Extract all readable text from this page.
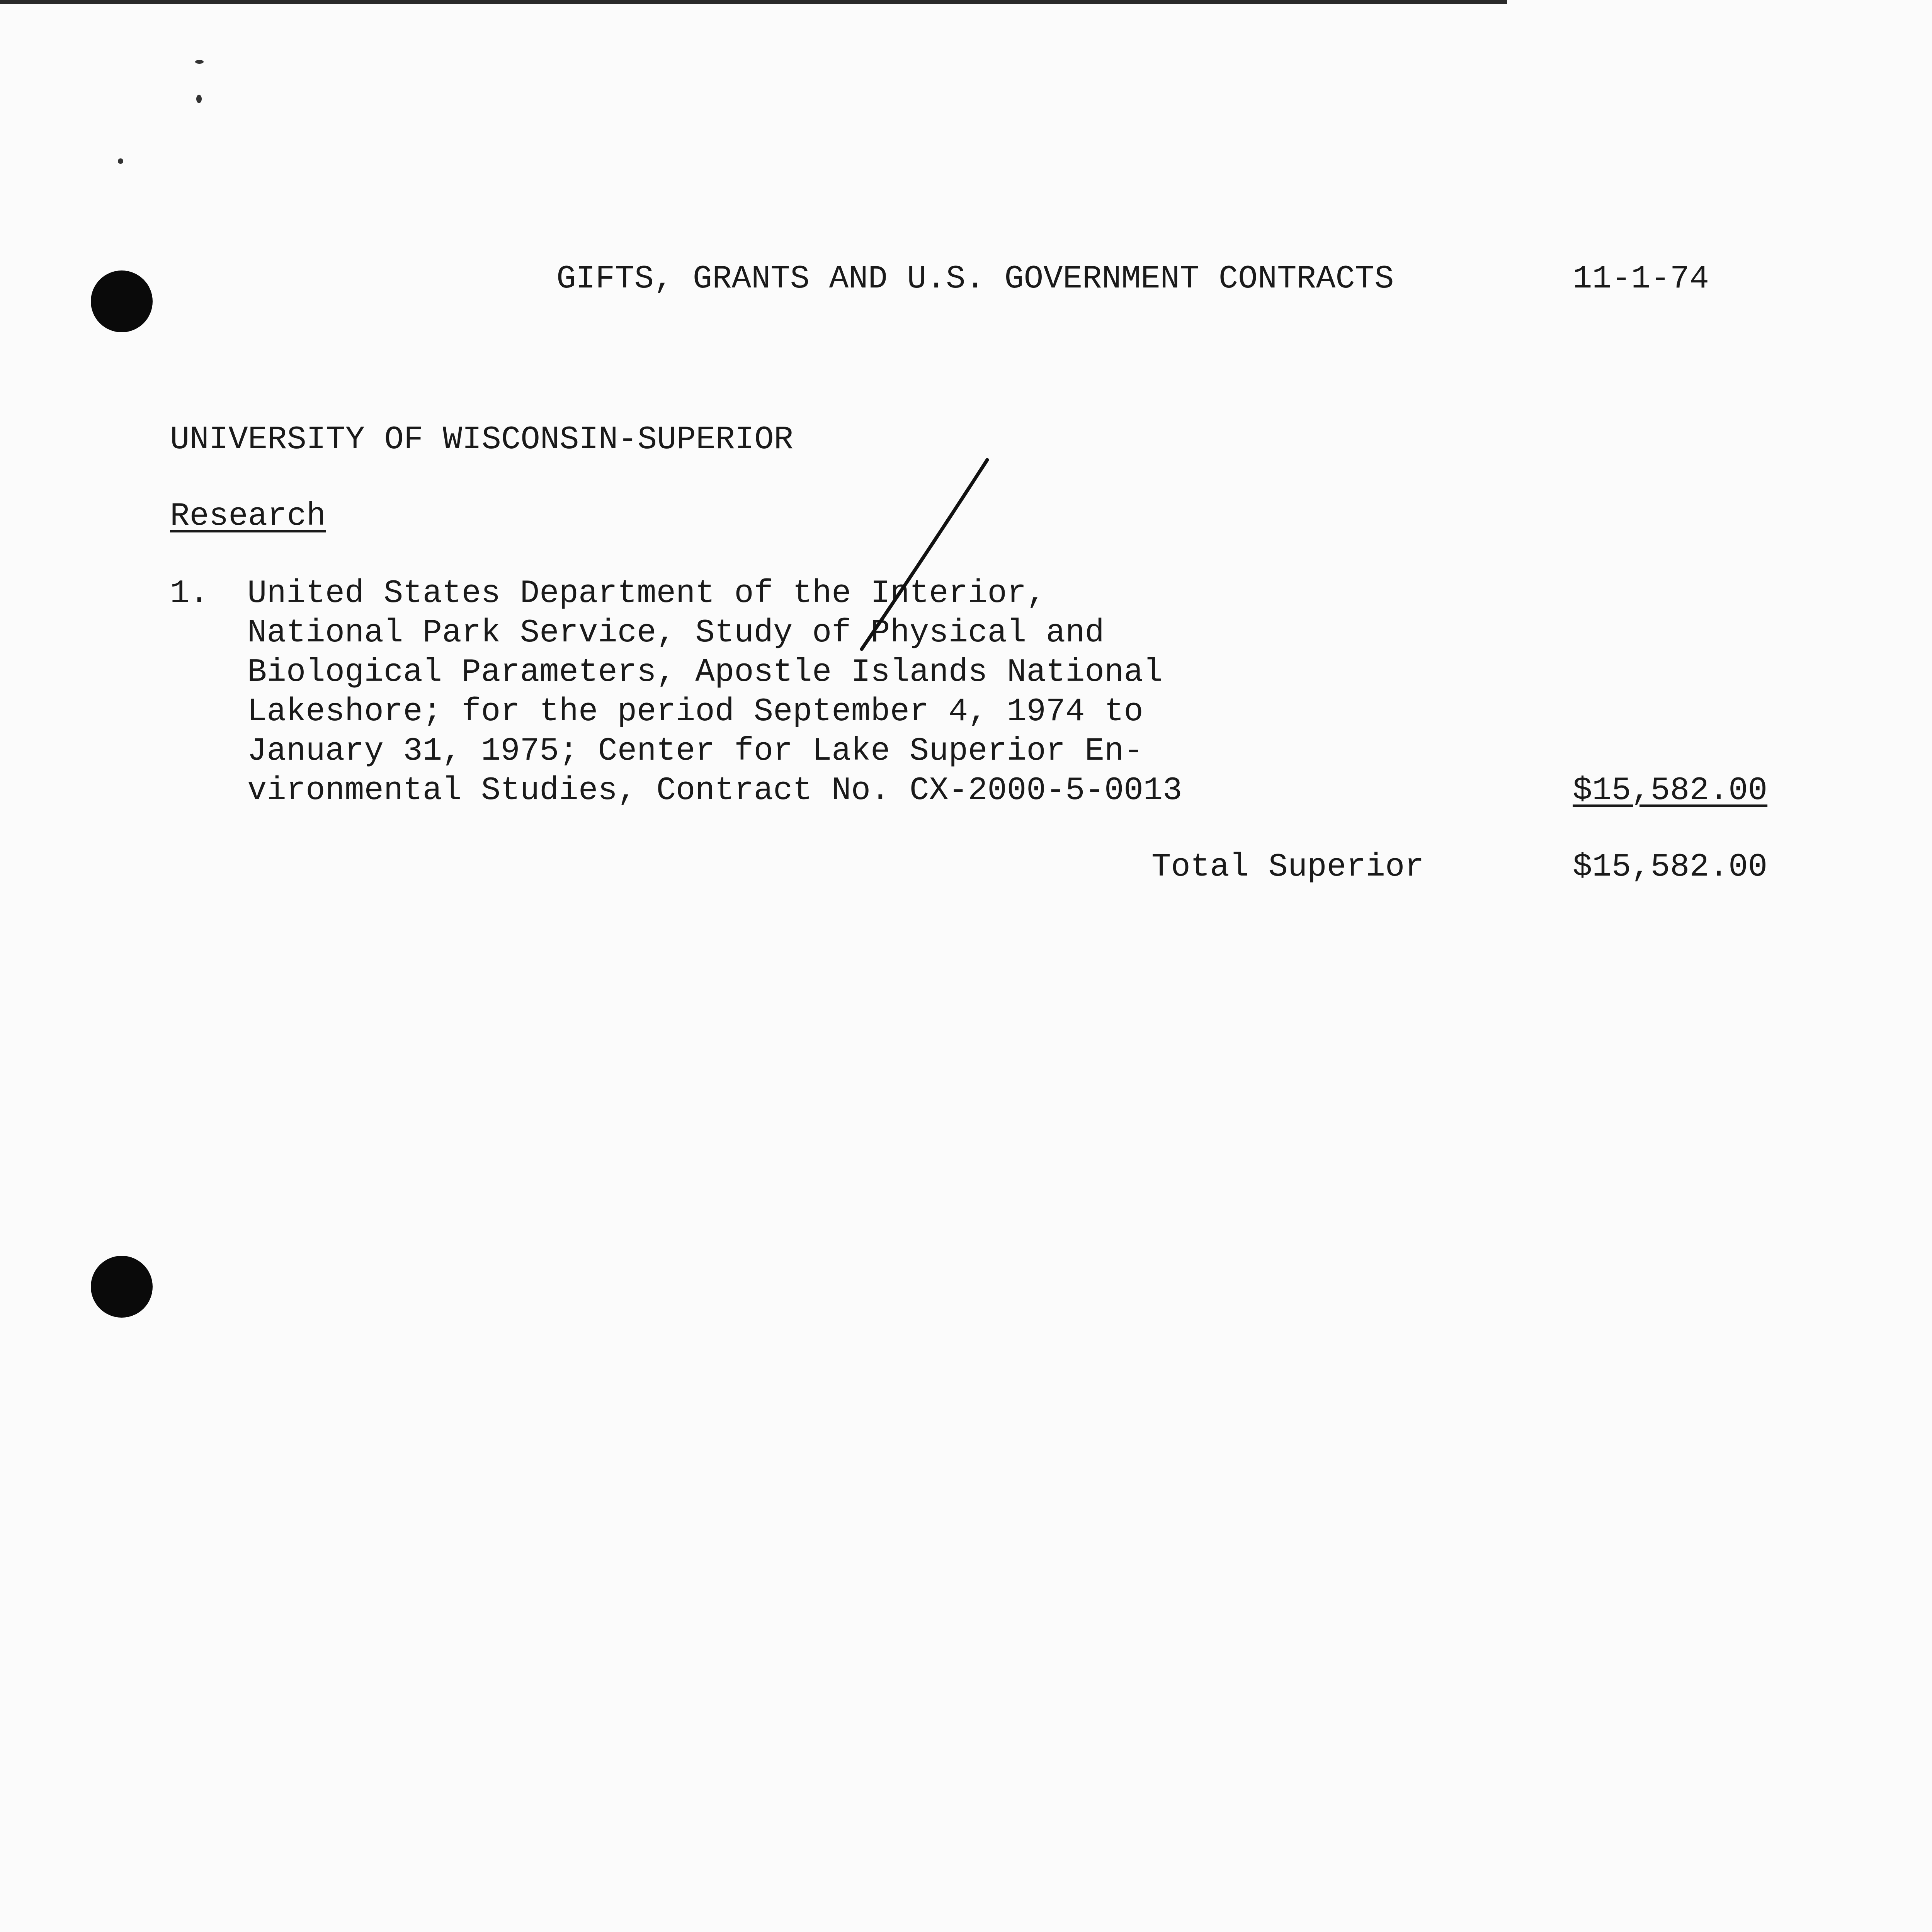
GIFTS, GRANTS AND U.S. GOVERNMENT CONTRACTS	11-1-74
UNIVERSITY OF WISCONSIN-SUPERIOR
Research
1. United States Department of the Interior,
National Park Service, Study of Physical and
Biological Parameters, Apostle Islands National
Lakeshore; for the period September 4, 1974 to
January 31, 1975; Center for Lake Superior En-
vironmental Studies, Contract No. CX-2000-5-0013	$15,582.00
Total Superior	$15,582.00
